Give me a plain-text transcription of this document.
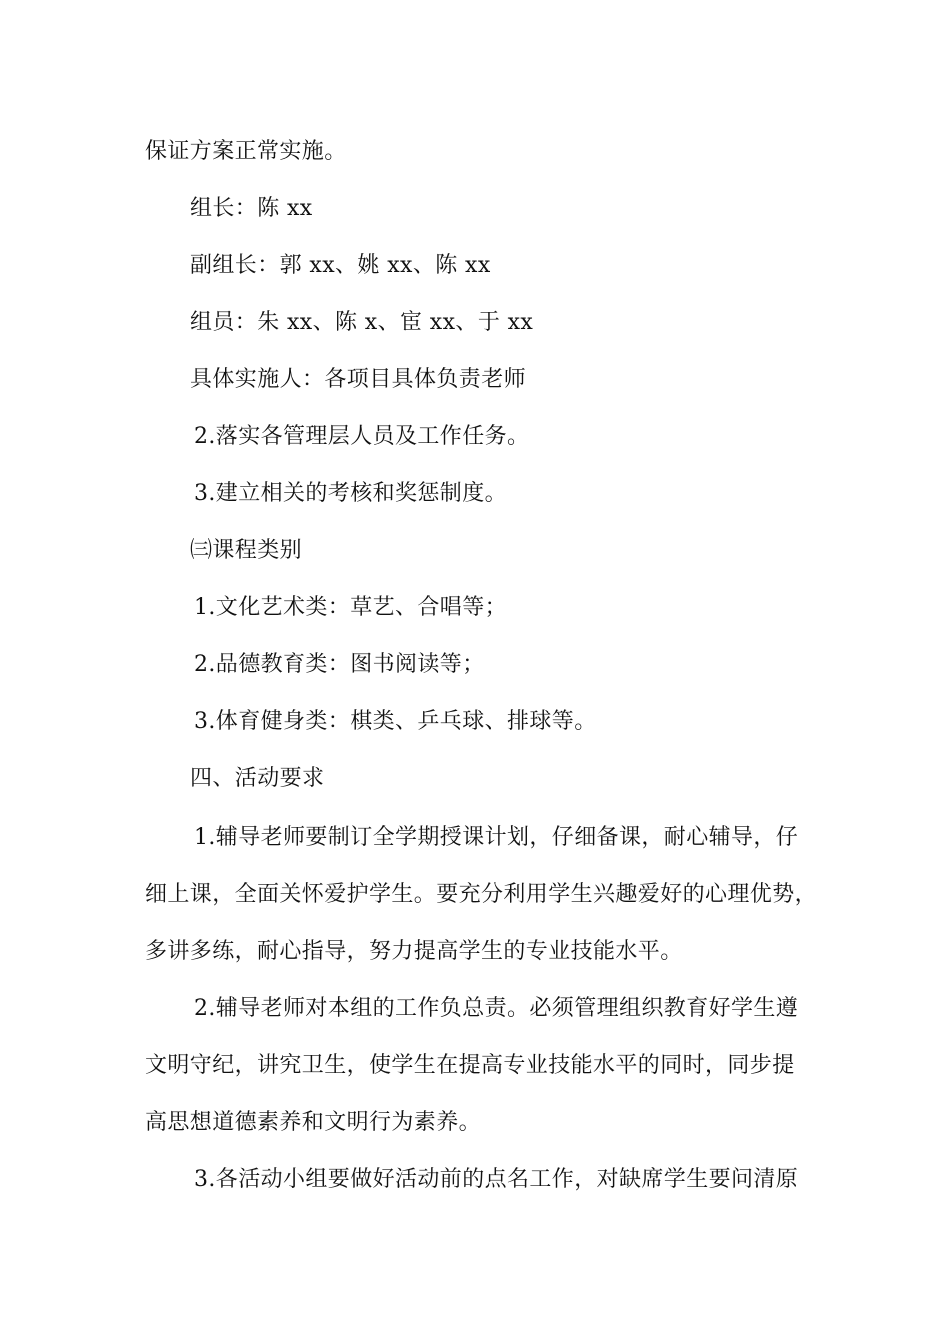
保证方案正常实施。
组长：陈 xx
副组长：郭 xx、姚 xx、陈 xx
组员：朱 xx、陈 x、宦 xx、于 xx
具体实施人：各项目具体负责老师
2.落实各管理层人员及工作任务。
3.建立相关的考核和奖惩制度。
㈢课程类别
1.文化艺术类：草艺、合唱等；
2.品德教育类：图书阅读等；
3.体育健身类：棋类、乒乓球、排球等。
四、活动要求
1.辅导老师要制订全学期授课计划，仔细备课，耐心辅导，仔
细上课，全面关怀爱护学生。要充分利用学生兴趣爱好的心理优势，
多讲多练，耐心指导，努力提高学生的专业技能水平。
2.辅导老师对本组的工作负总责。必须管理组织教育好学生遵
文明守纪，讲究卫生，使学生在提高专业技能水平的同时，同步提
高思想道德素养和文明行为素养。
3.各活动小组要做好活动前的点名工作，对缺席学生要问清原
